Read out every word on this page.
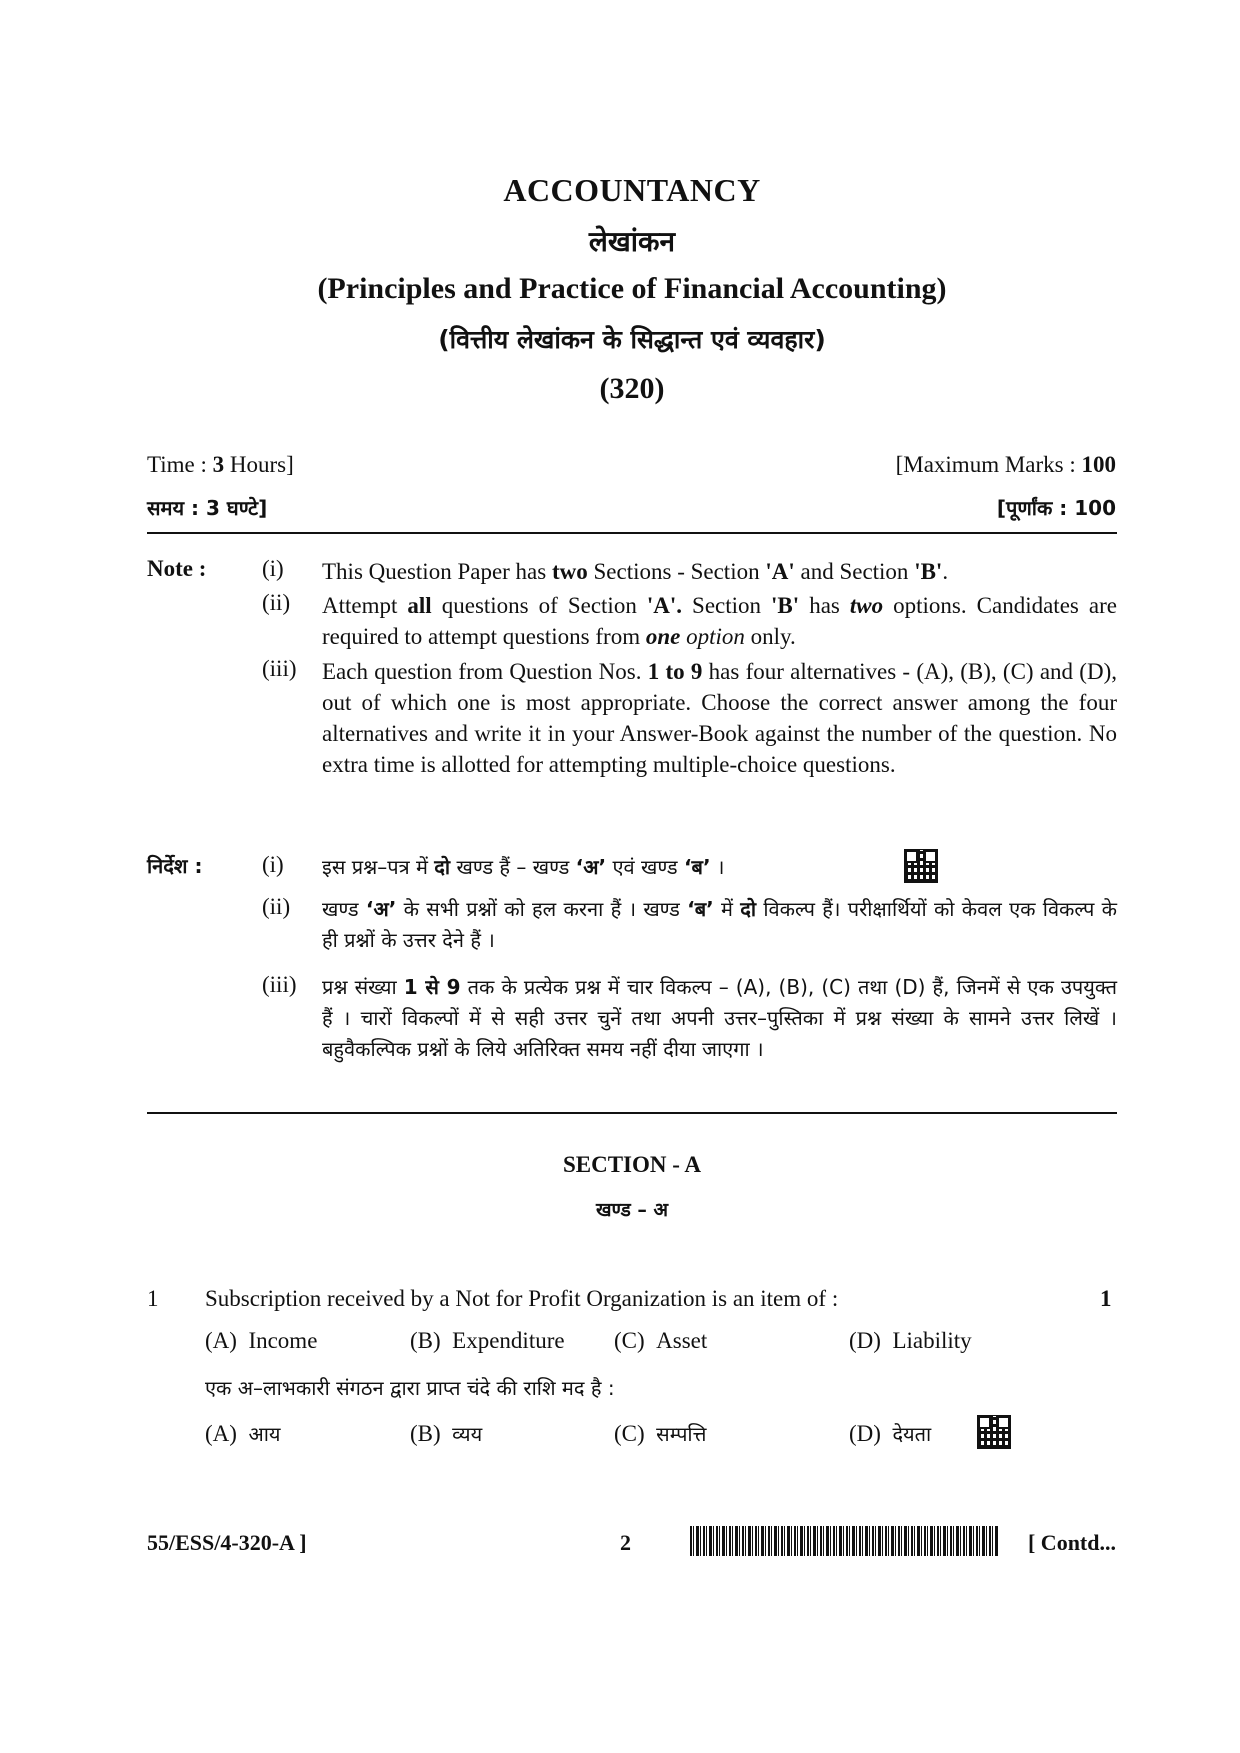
ACCOUNTANCY
लेखांकन
(Principles and Practice of Financial Accounting)
(वित्तीय लेखांकन के सिद्धान्त एवं व्यवहार)
(320)
Time : 3 Hours]	[Maximum Marks : 100
समय : 3 घण्टे]	[पूर्णांक : 100
Note : (i)	This Question Paper has two Sections - Section 'A' and Section 'B'.
(ii)	Attempt all questions of Section 'A'. Section 'B' has two options. Candidates are required to attempt questions from one option only.
(iii)	Each question from Question Nos. 1 to 9 has four alternatives - (A), (B), (C) and (D), out of which one is most appropriate. Choose the correct answer among the four alternatives and write it in your Answer-Book against the number of the question. No extra time is allotted for attempting multiple-choice questions.
निर्देश :	(i)	इस प्रश्न–पत्र में दो खण्ड हैं – खण्ड ‘अ’ एवं खण्ड ‘ब’ ।
(ii)	खण्ड ‘अ’ के सभी प्रश्नों को हल करना हैं । खण्ड ‘ब’ में दो विकल्प हैं। परीक्षार्थियों को केवल एक विकल्प के ही प्रश्नों के उत्तर देने हैं ।
(iii)	प्रश्न संख्या 1 से 9 तक के प्रत्येक प्रश्न में चार विकल्प – (A), (B), (C) तथा (D) हैं, जिनमें से एक उपयुक्त हैं । चारों विकल्पों में से सही उत्तर चुनें तथा अपनी उत्तर–पुस्तिका में प्रश्न संख्या के सामने उत्तर लिखें । बहुवैकल्पिक प्रश्नों के लिये अतिरिक्त समय नहीं दीया जाएगा ।
SECTION - A
खण्ड – अ
1 Subscription received by a Not for Profit Organization is an item of :	1
(A) Income	(B) Expenditure (C) Asset	(D) Liability
एक अ–लाभकारी संगठन द्वारा प्राप्त चंदे की राशि मद है :
(A) आय	(B) व्यय	(C) सम्पत्ति	(D) देयता
55/ESS/4-320-A ]	2	[ Contd...
